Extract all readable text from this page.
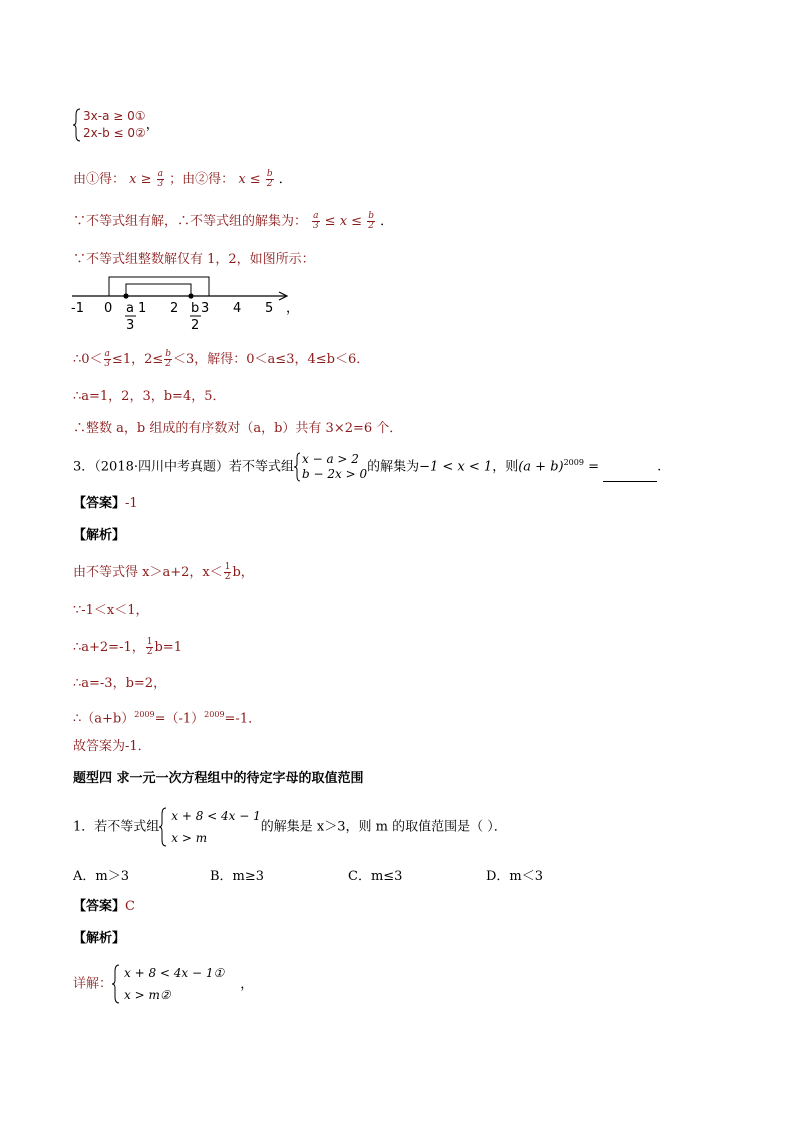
3x-a ≥ 0①
2x-b ≤ 0②
，
由①得： $x \ge \frac{a}{3}$ ；由②得： $x \le \frac{b}{2}$ ．
∵不等式组有解，∴不等式组的解集为： $\frac{a}{3} \le x \le \frac{b}{2}$ ．
∵不等式组整数解仅有 1，2，如图所示：
-1 0 1 2 3 4 5
a
3
b
2
，
∴0＜ $\frac{a}{3} \le 1$，$2\le \frac{b}{2} <3$，解得：0＜a≤3，4≤b＜6．
∴a=1，2，3，b=4，5．
∴整数 a，b 组成的有序数对（a，b）共有 3×2=6 个．
3．（2018·四川中考真题）若不等式组
x − a > 2
b − 2x > 0 的解集为−1 < x < 1，则$(a + b)^{2009}$ =	.
【答案】-1
【解析】
由不等式得 x＞a+2，$x< \frac{1}{2}$ b，
∵-1＜x＜1，
∴a+2=-1， $\frac{1}{2} b=1$
∴a=-3，b=2，
$\therefore(a+b)^{2009}=(-1)^{2009}=-1$．
故答案为-1．
题型四 求一元一次方程组中的待定字母的取值范围
1．若不等式组
x + 8 < 4x − 1
x > m
的解集是 x＞3，则 m 的取值范围是（ ）．
A．m＞3	B．m≥3	C．m≤3	D．m＜3
【答案】C
【解析】
详解：
x + 8 < 4x − 1①
x > m②
，
